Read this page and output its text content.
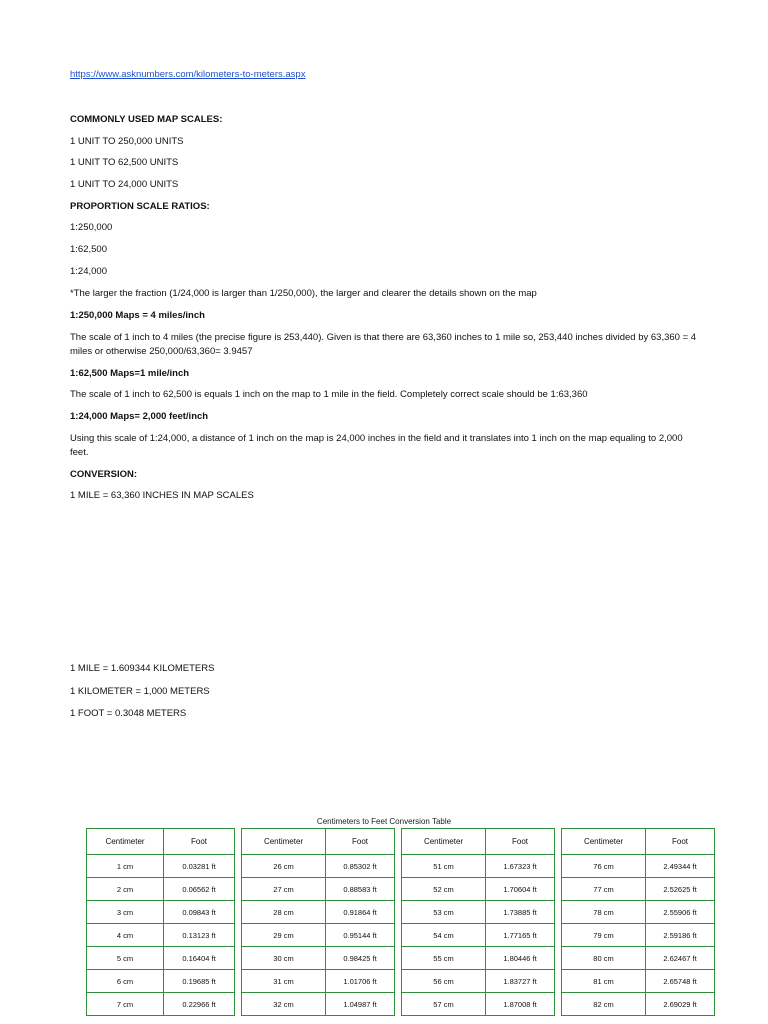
https://www.asknumbers.com/kilometers-to-meters.aspx
COMMONLY USED MAP SCALES:
1 UNIT TO 250,000 UNITS
1 UNIT TO 62,500 UNITS
1 UNIT TO 24,000 UNITS
PROPORTION SCALE RATIOS:
1:250,000
1:62,500
1:24,000
*The larger the fraction (1/24,000 is larger than 1/250,000), the larger and clearer the details shown on the map
1:250,000 Maps = 4 miles/inch
The scale of 1 inch to 4 miles (the precise figure is 253,440). Given is that there are 63,360 inches to 1 mile so, 253,440 inches divided by 63,360 = 4 miles or otherwise 250,000/63,360= 3.9457
1:62,500 Maps=1 mile/inch
The scale of 1 inch to 62,500 is equals 1 inch on the map to 1 mile in the field. Completely correct scale should be 1:63,360
1:24,000 Maps= 2,000 feet/inch
Using this scale of 1:24,000, a distance of 1 inch on the map is 24,000 inches in the field and it translates into 1 inch on the map equaling to 2,000 feet.
CONVERSION:
1 MILE = 63,360 INCHES IN MAP SCALES
1 MILE = 1.609344 KILOMETERS
1 KILOMETER = 1,000 METERS
1 FOOT = 0.3048 METERS
Centimeters to Feet Conversion Table
Centimeter	Foot		Centimeter	Foot		Centimeter	Foot		Centimeter	Foot
1 cm	0.03281 ft		26 cm	0.85302 ft		51 cm	1.67323 ft		76 cm	2.49344 ft
2 cm	0.06562 ft		27 cm	0.88583 ft		52 cm	1.70604 ft		77 cm	2.52625 ft
3 cm	0.09843 ft		28 cm	0.91864 ft		53 cm	1.73885 ft		78 cm	2.55906 ft
4 cm	0.13123 ft		29 cm	0.95144 ft		54 cm	1.77165 ft		79 cm	2.59186 ft
5 cm	0.16404 ft		30 cm	0.98425 ft		55 cm	1.80446 ft		80 cm	2.62467 ft
6 cm	0.19685 ft		31 cm	1.01706 ft		56 cm	1.83727 ft		81 cm	2.65748 ft
7 cm	0.22966 ft		32 cm	1.04987 ft		57 cm	1.87008 ft		82 cm	2.69029 ft
